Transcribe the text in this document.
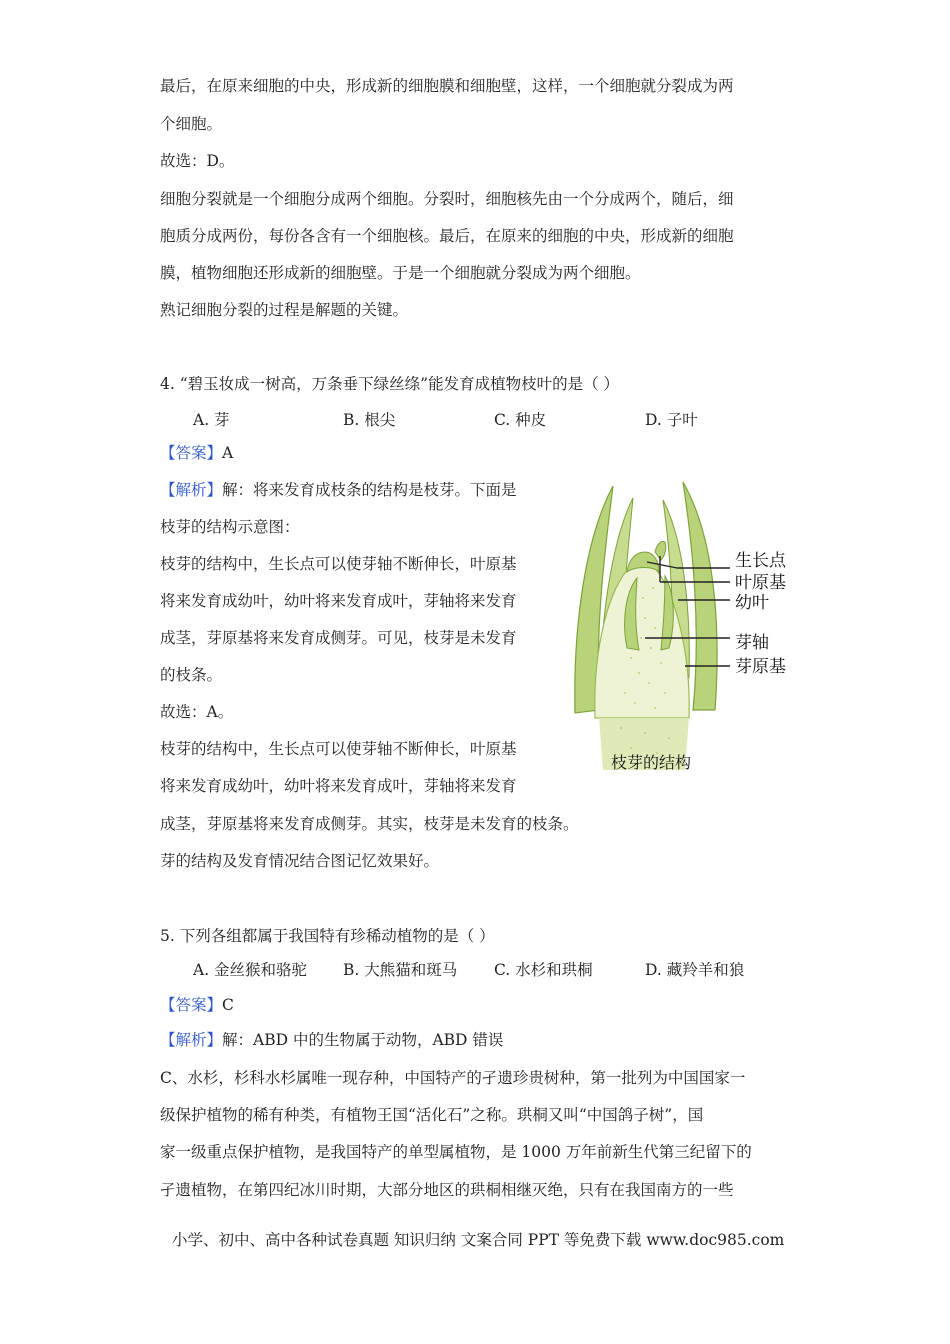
最后，在原来细胞的中央，形成新的细胞膜和细胞壁，这样，一个细胞就分裂成为两
个细胞。
故选：D。
细胞分裂就是一个细胞分成两个细胞。分裂时，细胞核先由一个分成两个，随后，细
胞质分成两份，每份各含有一个细胞核。最后，在原来的细胞的中央，形成新的细胞
膜，植物细胞还形成新的细胞壁。于是一个细胞就分裂成为两个细胞。
熟记细胞分裂的过程是解题的关键。
4. “碧玉妆成一树高，万条垂下绿丝绦”能发育成植物枝叶的是（ ）
A. 芽	B. 根尖	C. 种皮	D. 子叶
【答案】A
【解析】解：将来发育成枝条的结构是枝芽。下面是
枝芽的结构示意图：
枝芽的结构中，生长点可以使芽轴不断伸长，叶原基
将来发育成幼叶，幼叶将来发育成叶，芽轴将来发育
成茎，芽原基将来发育成侧芽。可见，枝芽是未发育
的枝条。
故选：A。
枝芽的结构中，生长点可以使芽轴不断伸长，叶原基
将来发育成幼叶，幼叶将来发育成叶，芽轴将来发育
成茎，芽原基将来发育成侧芽。其实，枝芽是未发育的枝条。
芽的结构及发育情况结合图记忆效果好。
生长点
叶原基
幼叶
芽轴
芽原基
枝芽的结构
5. 下列各组都属于我国特有珍稀动植物的是（ ）
A. 金丝猴和骆驼 B. 大熊猫和斑马 C. 水杉和珙桐	D. 藏羚羊和狼
【答案】C
【解析】解：ABD 中的生物属于动物，ABD 错误
C、水杉，杉科水杉属唯一现存种，中国特产的孑遗珍贵树种，第一批列为中国国家一
级保护植物的稀有种类，有植物王国“活化石”之称。珙桐又叫“中国鸽子树”，国
家一级重点保护植物，是我国特产的单型属植物，是 1000 万年前新生代第三纪留下的
孑遗植物，在第四纪冰川时期，大部分地区的珙桐相继灭绝，只有在我国南方的一些
小学、初中、高中各种试卷真题 知识归纳 文案合同 PPT 等免费下载 www.doc985.com
